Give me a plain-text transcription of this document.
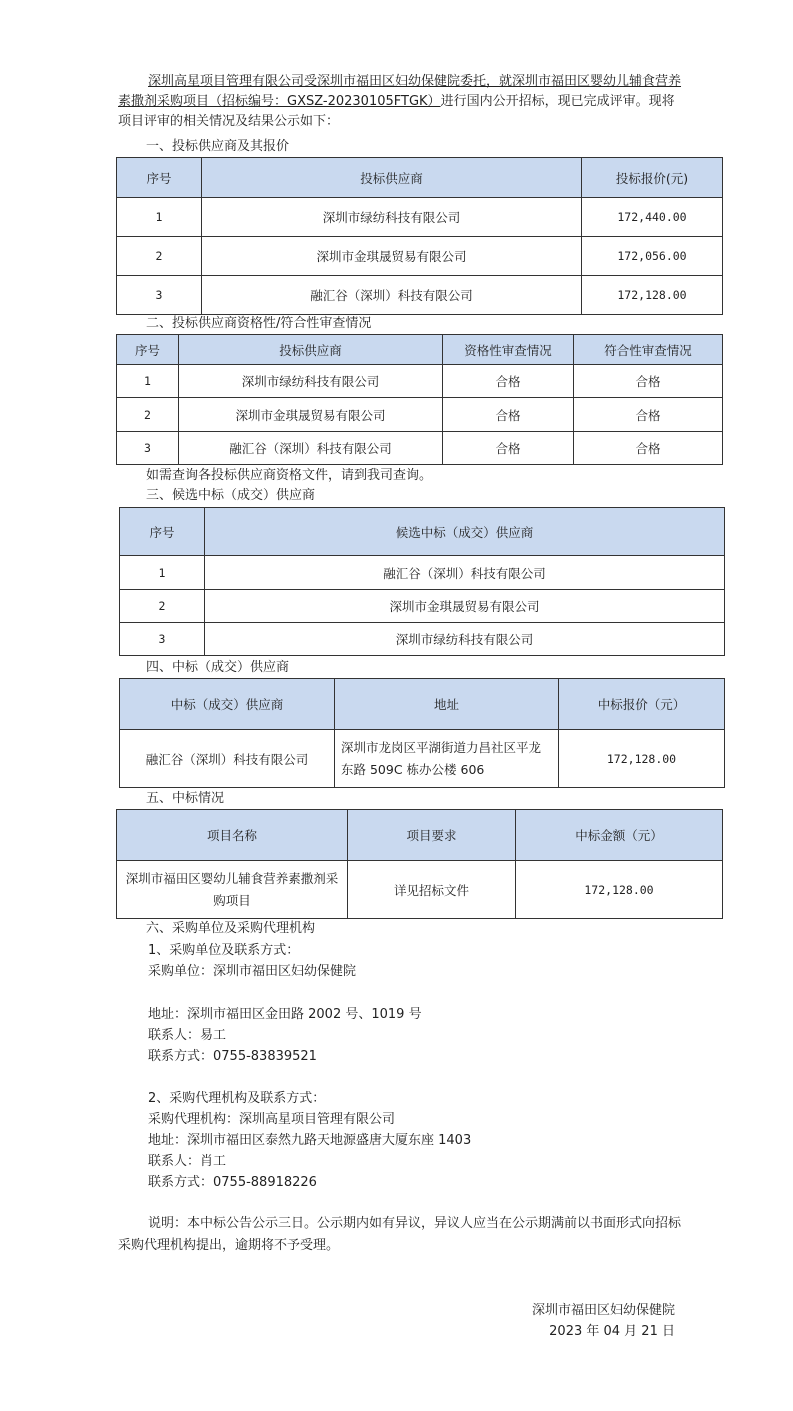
深圳高星项目管理有限公司受深圳市福田区妇幼保健院委托，就深圳市福田区婴幼儿辅食营养素撒剂采购项目（招标编号：GXSZ-20230105FTGK）进行国内公开招标，现已完成评审。现将项目评审的相关情况及结果公示如下：
一、投标供应商及其报价
序号	投标供应商	投标报价(元)
1	深圳市绿纺科技有限公司	172,440.00
2	深圳市金琪晟贸易有限公司	172,056.00
3	融汇谷（深圳）科技有限公司	172,128.00
二、投标供应商资格性/符合性审查情况
序号	投标供应商	资格性审查情况	符合性审查情况
1	深圳市绿纺科技有限公司	合格	合格
2	深圳市金琪晟贸易有限公司	合格	合格
3	融汇谷（深圳）科技有限公司	合格	合格
如需查询各投标供应商资格文件，请到我司查询。
三、候选中标（成交）供应商
序号	候选中标（成交）供应商
1	融汇谷（深圳）科技有限公司
2	深圳市金琪晟贸易有限公司
3	深圳市绿纺科技有限公司
四、中标（成交）供应商
中标（成交）供应商	地址	中标报价（元）
融汇谷（深圳）科技有限公司	深圳市龙岗区平湖街道力昌社区平龙东路 509C 栋办公楼 606	172,128.00
五、中标情况
项目名称	项目要求	中标金额（元）
深圳市福田区婴幼儿辅食营养素撒剂采购项目	详见招标文件	172,128.00
六、采购单位及采购代理机构
1、采购单位及联系方式：
采购单位：深圳市福田区妇幼保健院
地址：深圳市福田区金田路 2002 号、1019 号
联系人：易工
联系方式：0755-83839521
2、采购代理机构及联系方式：
采购代理机构：深圳高星项目管理有限公司
地址：深圳市福田区泰然九路天地源盛唐大厦东座 1403
联系人：肖工
联系方式：0755-88918226
说明：本中标公告公示三日。公示期内如有异议，异议人应当在公示期满前以书面形式向招标采购代理机构提出，逾期将不予受理。
深圳市福田区妇幼保健院
2023 年 04 月 21 日
